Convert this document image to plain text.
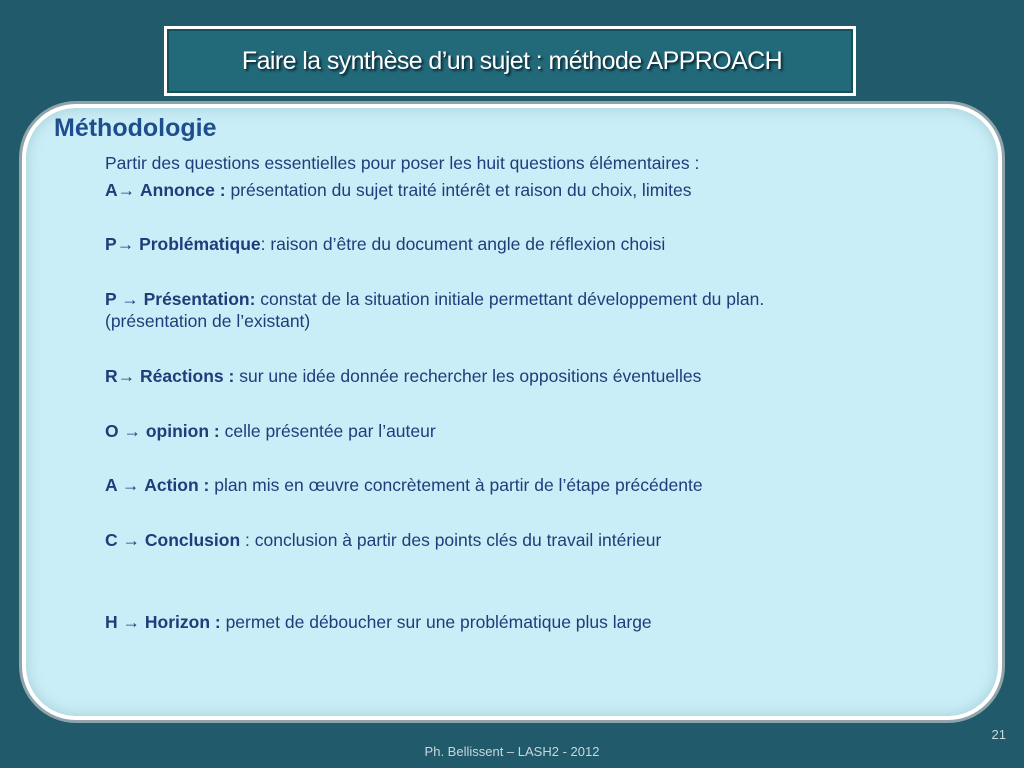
Faire la synthèse d’un sujet : méthode APPROACH
Méthodologie
Partir des questions essentielles pour poser les huit questions élémentaires :
A→ Annonce : présentation du sujet traité intérêt et raison du choix, limites
P→ Problématique: raison d’être du document angle de réflexion choisi
P → Présentation: constat de la situation initiale permettant développement du plan.
(présentation de l’existant)
R→ Réactions : sur une idée donnée rechercher les oppositions éventuelles
O → opinion : celle présentée par l’auteur
A → Action : plan mis en œuvre concrètement à partir de l’étape précédente
C → Conclusion : conclusion à partir des points clés du travail intérieur
H → Horizon : permet de déboucher sur une problématique plus large
21
Ph. Bellissent – LASH2 - 2012
